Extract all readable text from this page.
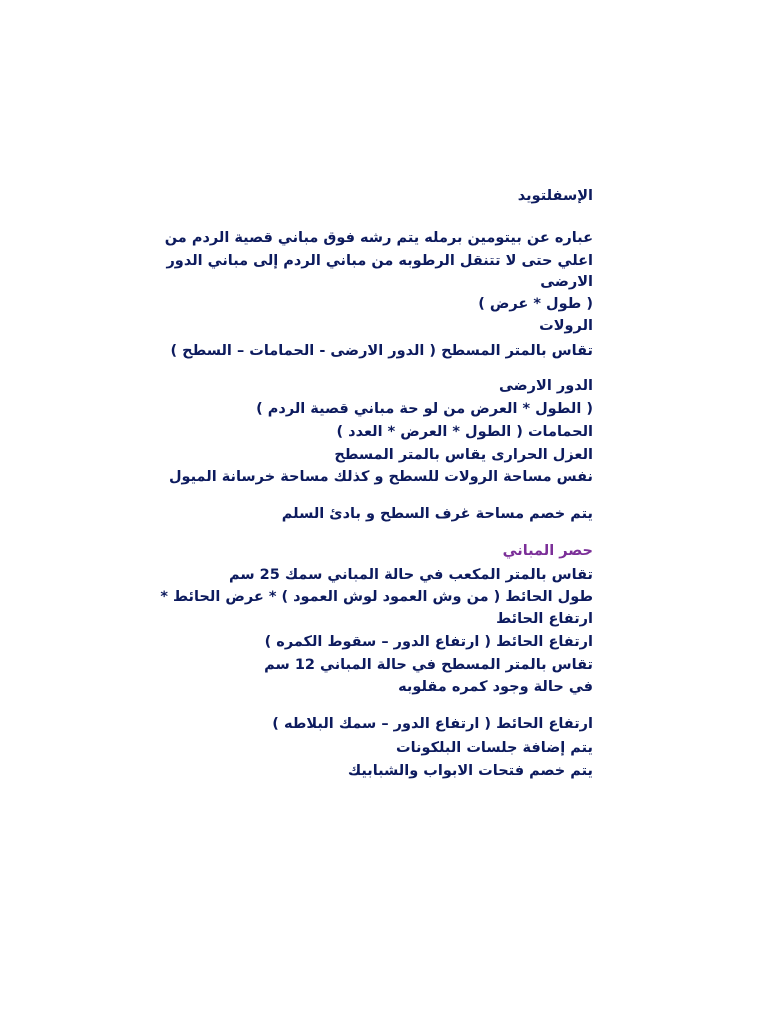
الإسفلتويد
عباره عن بيتومين برمله يتم رشه فوق مباني قصية الردم من
اعلي حتى لا تتنقل الرطوبه من مباني الردم إلى مباني الدور
الارضى
( طول * عرض )
الرولات
تقاس بالمتر المسطح ( الدور الارضى - الحمامات – السطح )
الدور الارضى
( الطول * العرض من لو حة مباني قصية الردم )
الحمامات ( الطول * العرض * العدد )
العزل الحرارى يقاس بالمتر المسطح
نفس مساحة الرولات للسطح و كذلك مساحة خرسانة الميول
يتم خصم مساحة غرف السطح و بادئ السلم
حصر المباني
تقاس بالمتر المكعب في حالة المباني سمك 25 سم
طول الحائط ( من وش العمود لوش العمود ) * عرض الحائط *
ارتفاع الحائط
ارتفاع الحائط ( ارتفاع الدور – سقوط الكمره )
تقاس بالمتر المسطح في حالة المباني 12 سم
في حالة وجود كمره مقلوبه
ارتفاع الحائط ( ارتفاع الدور – سمك البلاطه )
يتم إضافة جلسات البلكونات
يتم خصم فتحات الابواب والشبابيك
